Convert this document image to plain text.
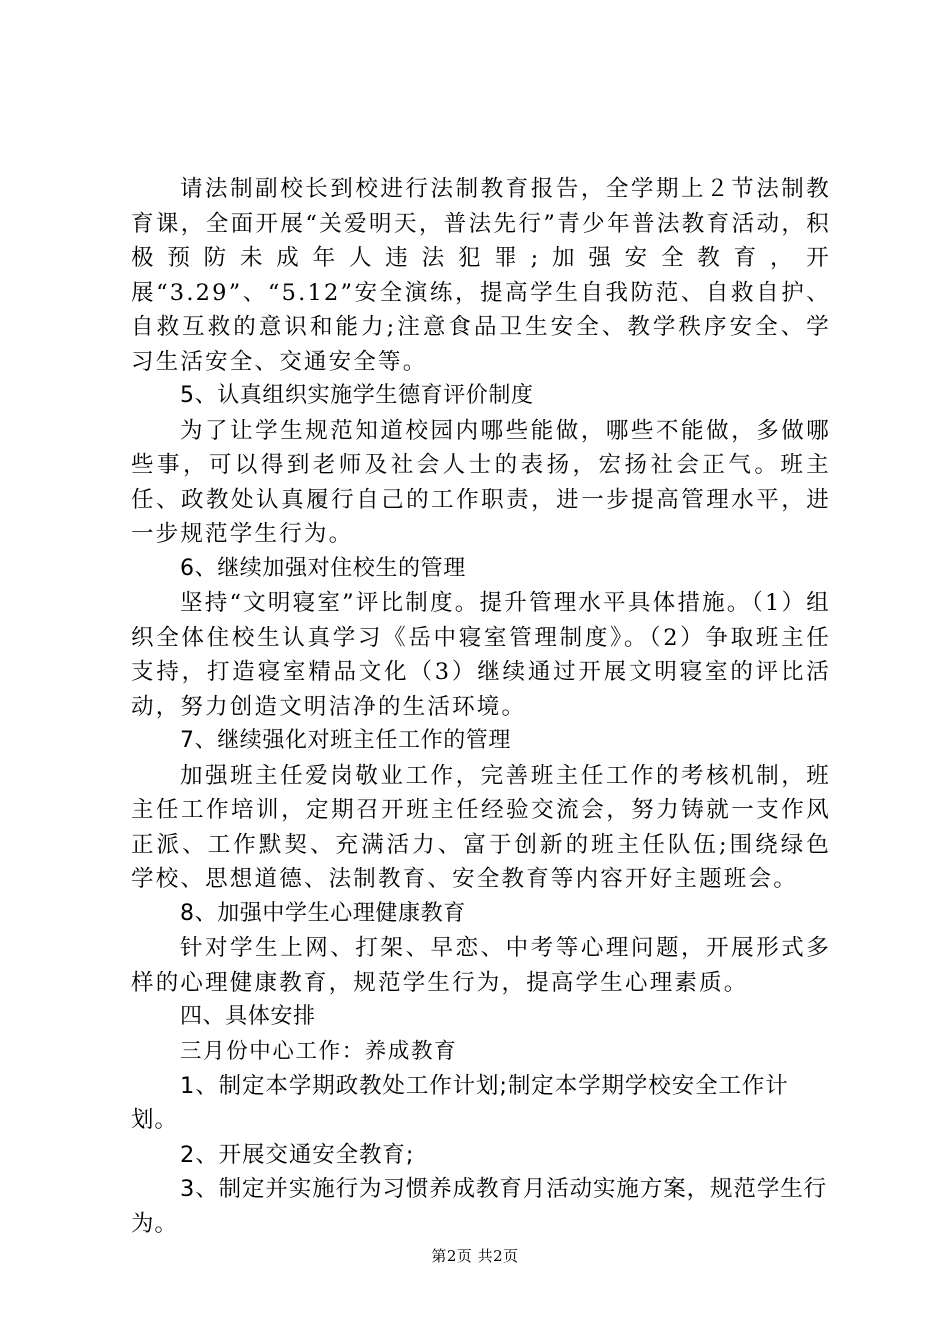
请法制副校长到校进行法制教育报告，全学期上２节法制教育课，全面开展“关爱明天，普法先行”青少年普法教育活动，积极预防未成年人违法犯罪;加强安全教育，开展“3.29”、“5.12”安全演练，提高学生自我防范、自救自护、自救互救的意识和能力;注意食品卫生安全、教学秩序安全、学习生活安全、交通安全等。

5、认真组织实施学生德育评价制度

为了让学生规范知道校园内哪些能做，哪些不能做，多做哪些事，可以得到老师及社会人士的表扬，宏扬社会正气。班主任、政教处认真履行自己的工作职责，进一步提高管理水平，进一步规范学生行为。

6、继续加强对住校生的管理

坚持“文明寝室”评比制度。提升管理水平具体措施。（1）组织全体住校生认真学习《岳中寝室管理制度》。（2）争取班主任支持，打造寝室精品文化（3）继续通过开展文明寝室的评比活动，努力创造文明洁净的生活环境。

7、继续强化对班主任工作的管理

加强班主任爱岗敬业工作，完善班主任工作的考核机制，班主任工作培训，定期召开班主任经验交流会，努力铸就一支作风正派、工作默契、充满活力、富于创新的班主任队伍;围绕绿色学校、思想道德、法制教育、安全教育等内容开好主题班会。

8、加强中学生心理健康教育

针对学生上网、打架、早恋、中考等心理问题，开展形式多样的心理健康教育，规范学生行为，提高学生心理素质。

四、具体安排

三月份中心工作：养成教育

1、制定本学期政教处工作计划;制定本学期学校安全工作计划。

2、开展交通安全教育;

3、制定并实施行为习惯养成教育月活动实施方案，规范学生行为。

第2页 共2页
